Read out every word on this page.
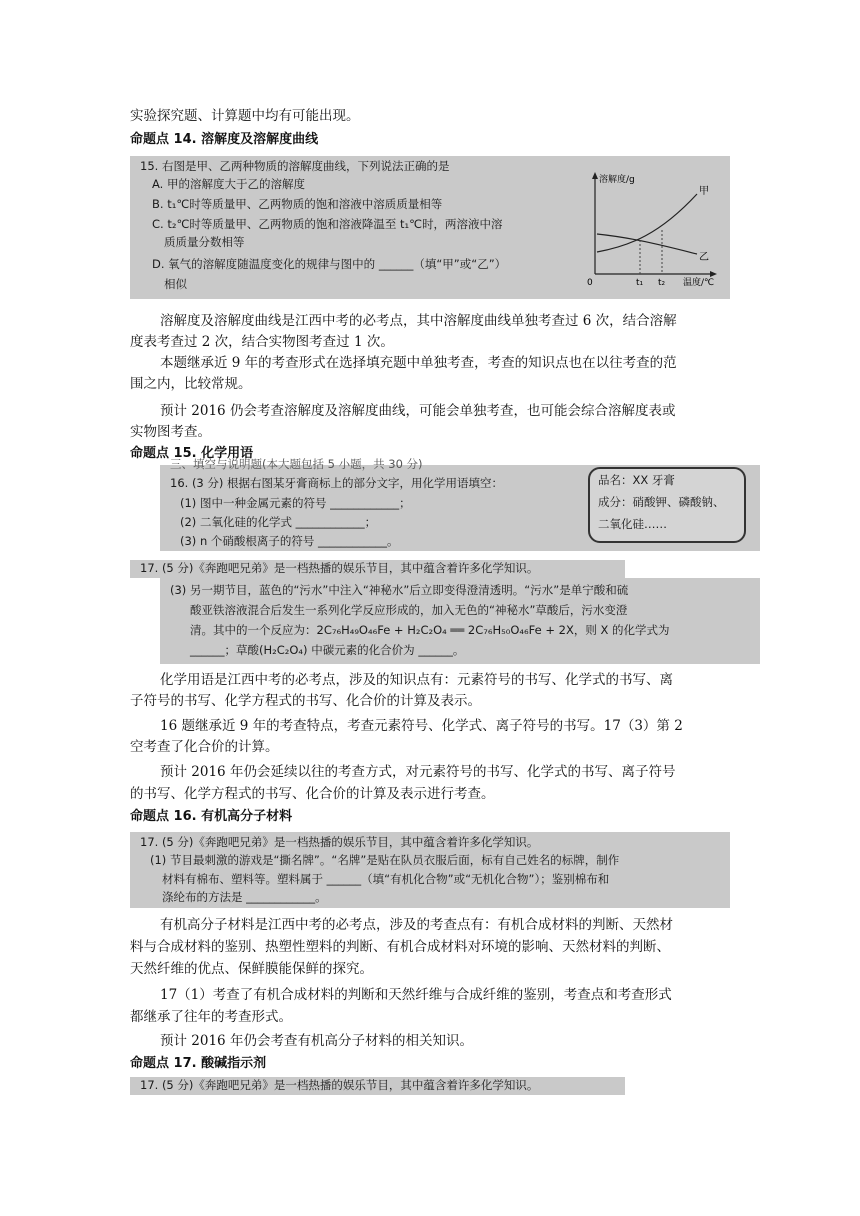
实验探究题、计算题中均有可能出现。
命题点 14. 溶解度及溶解度曲线
15. 右图是甲、乙两种物质的溶解度曲线，下列说法正确的是
A. 甲的溶解度大于乙的溶解度
B. t₁℃时等质量甲、乙两物质的饱和溶液中溶质质量相等
C. t₂℃时等质量甲、乙两物质的饱和溶液降温至 t₁℃时，两溶液中溶
质质量分数相等
D. 氧气的溶解度随温度变化的规律与图中的 ______（填“甲”或“乙”）
相似
溶解度/g
0	t₁ t₂ 温度/℃
甲
乙
溶解度及溶解度曲线是江西中考的必考点，其中溶解度曲线单独考查过 6 次，结合溶解
度表考查过 2 次，结合实物图考查过 1 次。
本题继承近 9 年的考查形式在选择填充题中单独考查，考查的知识点也在以往考查的范
围之内，比较常规。
预计 2016 仍会考查溶解度及溶解度曲线，可能会单独考查，也可能会综合溶解度表或
实物图考查。
命题点 15. 化学用语
三、填空与说明题(本大题包括 5 小题，共 30 分)
16. (3 分) 根据右图某牙膏商标上的部分文字，用化学用语填空：
(1) 图中一种金属元素的符号 ____________；
(2) 二氧化硅的化学式 ____________；
(3) n 个硝酸根离子的符号 ____________。
品名：XX 牙膏
成分：硝酸钾、磷酸钠、
二氧化硅……
17. (5 分)《奔跑吧兄弟》是一档热播的娱乐节目，其中蕴含着许多化学知识。
(3) 另一期节目，蓝色的“污水”中注入“神秘水”后立即变得澄清透明。“污水”是单宁酸和硫
酸亚铁溶液混合后发生一系列化学反应形成的，加入无色的“神秘水”草酸后，污水变澄
清。其中的一个反应为：2C₇₆H₄₉O₄₆Fe + H₂C₂O₄ ══ 2C₇₆H₅₀O₄₆Fe + 2X，则 X 的化学式为
______；草酸(H₂C₂O₄) 中碳元素的化合价为 ______。
化学用语是江西中考的必考点，涉及的知识点有：元素符号的书写、化学式的书写、离
子符号的书写、化学方程式的书写、化合价的计算及表示。
16 题继承近 9 年的考查特点，考查元素符号、化学式、离子符号的书写。17（3）第 2
空考查了化合价的计算。
预计 2016 年仍会延续以往的考查方式，对元素符号的书写、化学式的书写、离子符号
的书写、化学方程式的书写、化合价的计算及表示进行考查。
命题点 16. 有机高分子材料
17. (5 分)《奔跑吧兄弟》是一档热播的娱乐节目，其中蕴含着许多化学知识。
(1) 节目最刺激的游戏是“撕名牌”。“名牌”是贴在队员衣服后面，标有自己姓名的标牌，制作
材料有棉布、塑料等。塑料属于 ______（填“有机化合物”或“无机化合物”）；鉴别棉布和
涤纶布的方法是 ____________。
有机高分子材料是江西中考的必考点，涉及的考查点有：有机合成材料的判断、天然材
料与合成材料的鉴别、热塑性塑料的判断、有机合成材料对环境的影响、天然材料的判断、
天然纤维的优点、保鲜膜能保鲜的探究。
17（1）考查了有机合成材料的判断和天然纤维与合成纤维的鉴别，考查点和考查形式
都继承了往年的考查形式。
预计 2016 年仍会考查有机高分子材料的相关知识。
命题点 17. 酸碱指示剂
17. (5 分)《奔跑吧兄弟》是一档热播的娱乐节目，其中蕴含着许多化学知识。
